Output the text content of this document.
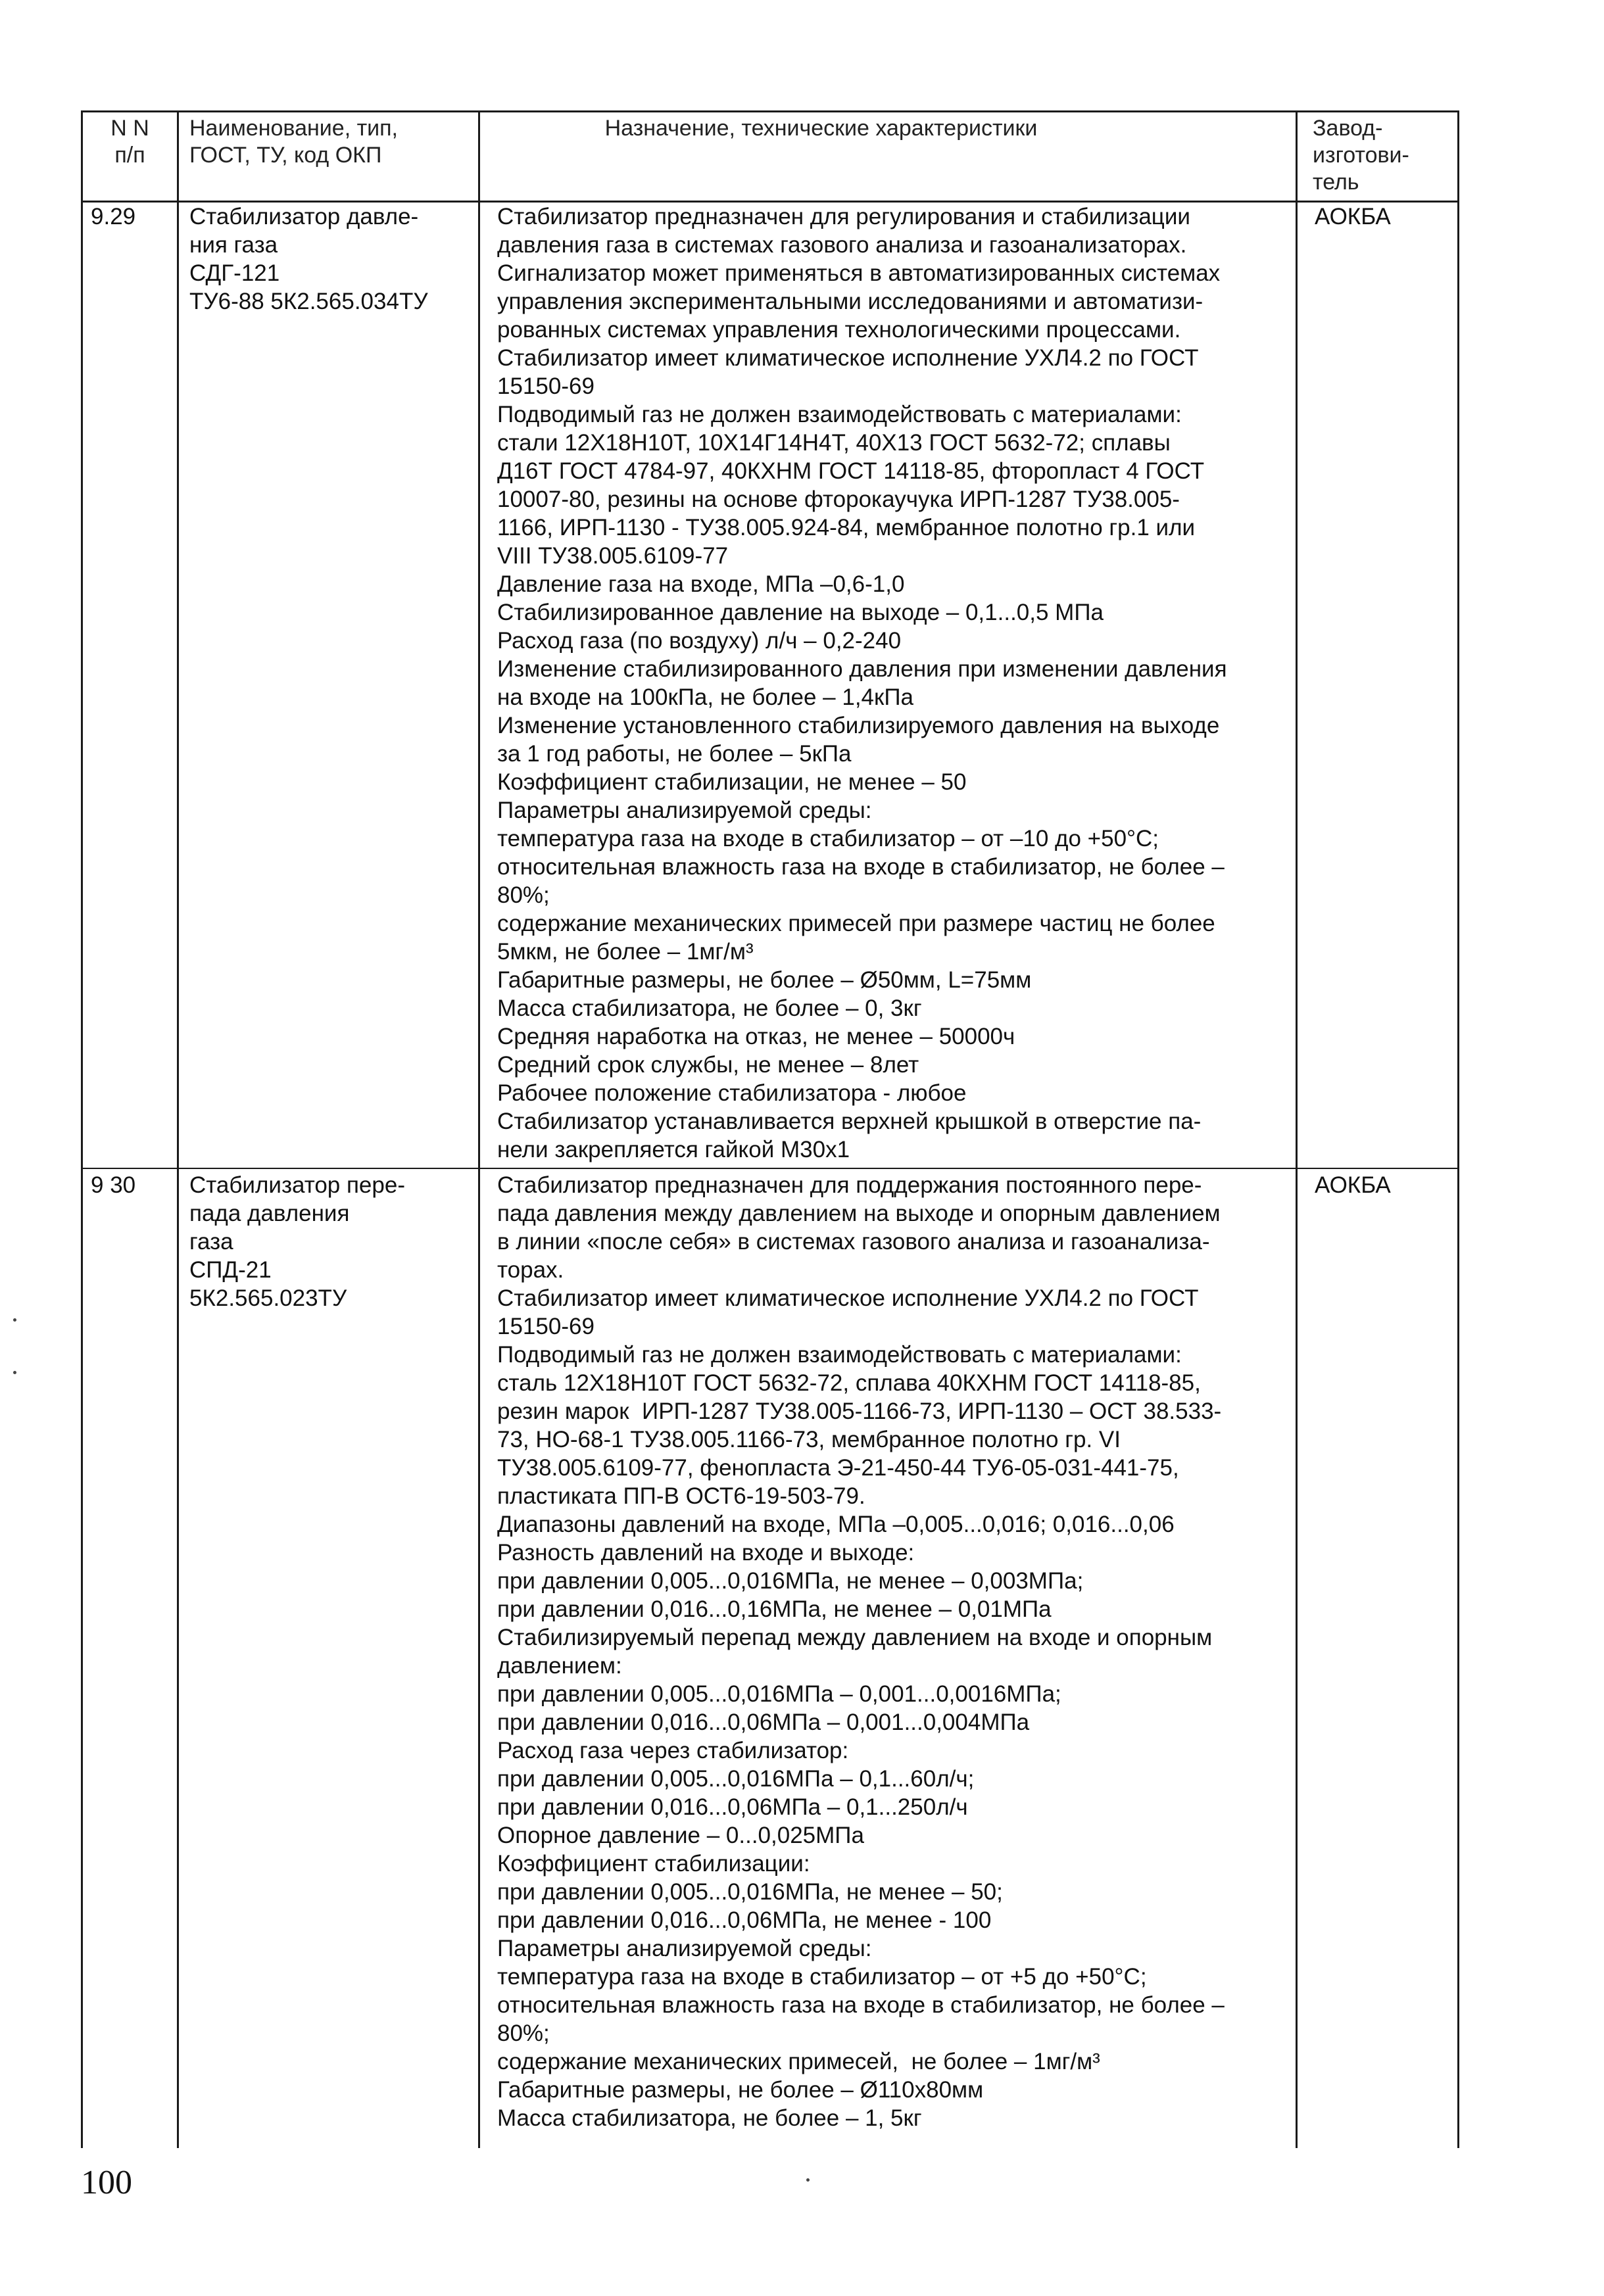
N N
п/п
Наименование, тип,
ГОСТ, ТУ, код ОКП
Назначение, технические характеристики	Завод-
изготови-
тель
9.29 Стабилизатор давле-
ния газа
СДГ-121
ТУ6-88 5К2.565.034ТУ
Стабилизатор предназначен для регулирования и стабилизации
давления газа в системах газового анализа и газоанализаторах.
Сигнализатор может применяться в автоматизированных системах
управления экспериментальными исследованиями и автоматизи-
рованных системах управления технологическими процессами.
Стабилизатор имеет климатическое исполнение УХЛ4.2 по ГОСТ
15150-69
Подводимый газ не должен взаимодействовать с материалами:
стали 12Х18Н10Т, 10Х14Г14Н4Т, 40Х13 ГОСТ 5632-72; сплавы
Д16Т ГОСТ 4784-97, 40КХНМ ГОСТ 14118-85, фторопласт 4 ГОСТ
10007-80, резины на основе фторокаучука ИРП-1287 ТУ38.005-
1166, ИРП-1130 - ТУ38.005.924-84, мембранное полотно гр.1 или
VIII ТУ38.005.6109-77
Давление газа на входе, МПа –0,6-1,0
Стабилизированное давление на выходе – 0,1...0,5 МПа
Расход газа (по воздуху) л/ч – 0,2-240
Изменение стабилизированного давления при изменении давления
на входе на 100кПа, не более – 1,4кПа
Изменение установленного стабилизируемого давления на выходе
за 1 год работы, не более – 5кПа
Коэффициент стабилизации, не менее – 50
Параметры анализируемой среды:
температура газа на входе в стабилизатор – от –10 до +50°С;
относительная влажность газа на входе в стабилизатор, не более –
80%;
содержание механических примесей при размере частиц не более
5мкм, не более – 1мг/м³
Габаритные размеры, не более – Ø50мм, L=75мм
Масса стабилизатора, не более – 0, 3кг
Средняя наработка на отказ, не менее – 50000ч
Средний срок службы, не менее – 8лет
Рабочее положение стабилизатора - любое
Стабилизатор устанавливается верхней крышкой в отверстие па-
нели закрепляется гайкой М30х1
АОКБА
9 30 Стабилизатор пере-
пада давления
газа
СПД-21
5К2.565.023ТУ
Стабилизатор предназначен для поддержания постоянного пере-
пада давления между давлением на выходе и опорным давлением
в линии «после себя» в системах газового анализа и газоанализа-
торах.
Стабилизатор имеет климатическое исполнение УХЛ4.2 по ГОСТ
15150-69
Подводимый газ не должен взаимодействовать с материалами:
сталь 12Х18Н10Т ГОСТ 5632-72, сплава 40КХНМ ГОСТ 14118-85,
резин марок  ИРП-1287 ТУ38.005-1166-73, ИРП-1130 – ОСТ 38.533-
73, НО-68-1 ТУ38.005.1166-73, мембранное полотно гр. VI
ТУ38.005.6109-77, фенопласта Э-21-450-44 ТУ6-05-031-441-75,
пластиката ПП-В ОСТ6-19-503-79.
Диапазоны давлений на входе, МПа –0,005...0,016; 0,016...0,06
Разность давлений на входе и выходе:
при давлении 0,005...0,016МПа, не менее – 0,003МПа;
при давлении 0,016...0,16МПа, не менее – 0,01МПа
Стабилизируемый перепад между давлением на входе и опорным
давлением:
при давлении 0,005...0,016МПа – 0,001...0,0016МПа;
при давлении 0,016...0,06МПа – 0,001...0,004МПа
Расход газа через стабилизатор:
при давлении 0,005...0,016МПа – 0,1...60л/ч;
при давлении 0,016...0,06МПа – 0,1...250л/ч
Опорное давление – 0...0,025МПа
Коэффициент стабилизации:
при давлении 0,005...0,016МПа, не менее – 50;
при давлении 0,016...0,06МПа, не менее - 100
Параметры анализируемой среды:
температура газа на входе в стабилизатор – от +5 до +50°С;
относительная влажность газа на входе в стабилизатор, не более –
80%;
содержание механических примесей,  не более – 1мг/м³
Габаритные размеры, не более – Ø110х80мм
Масса стабилизатора, не более – 1, 5кг
АОКБА
100
